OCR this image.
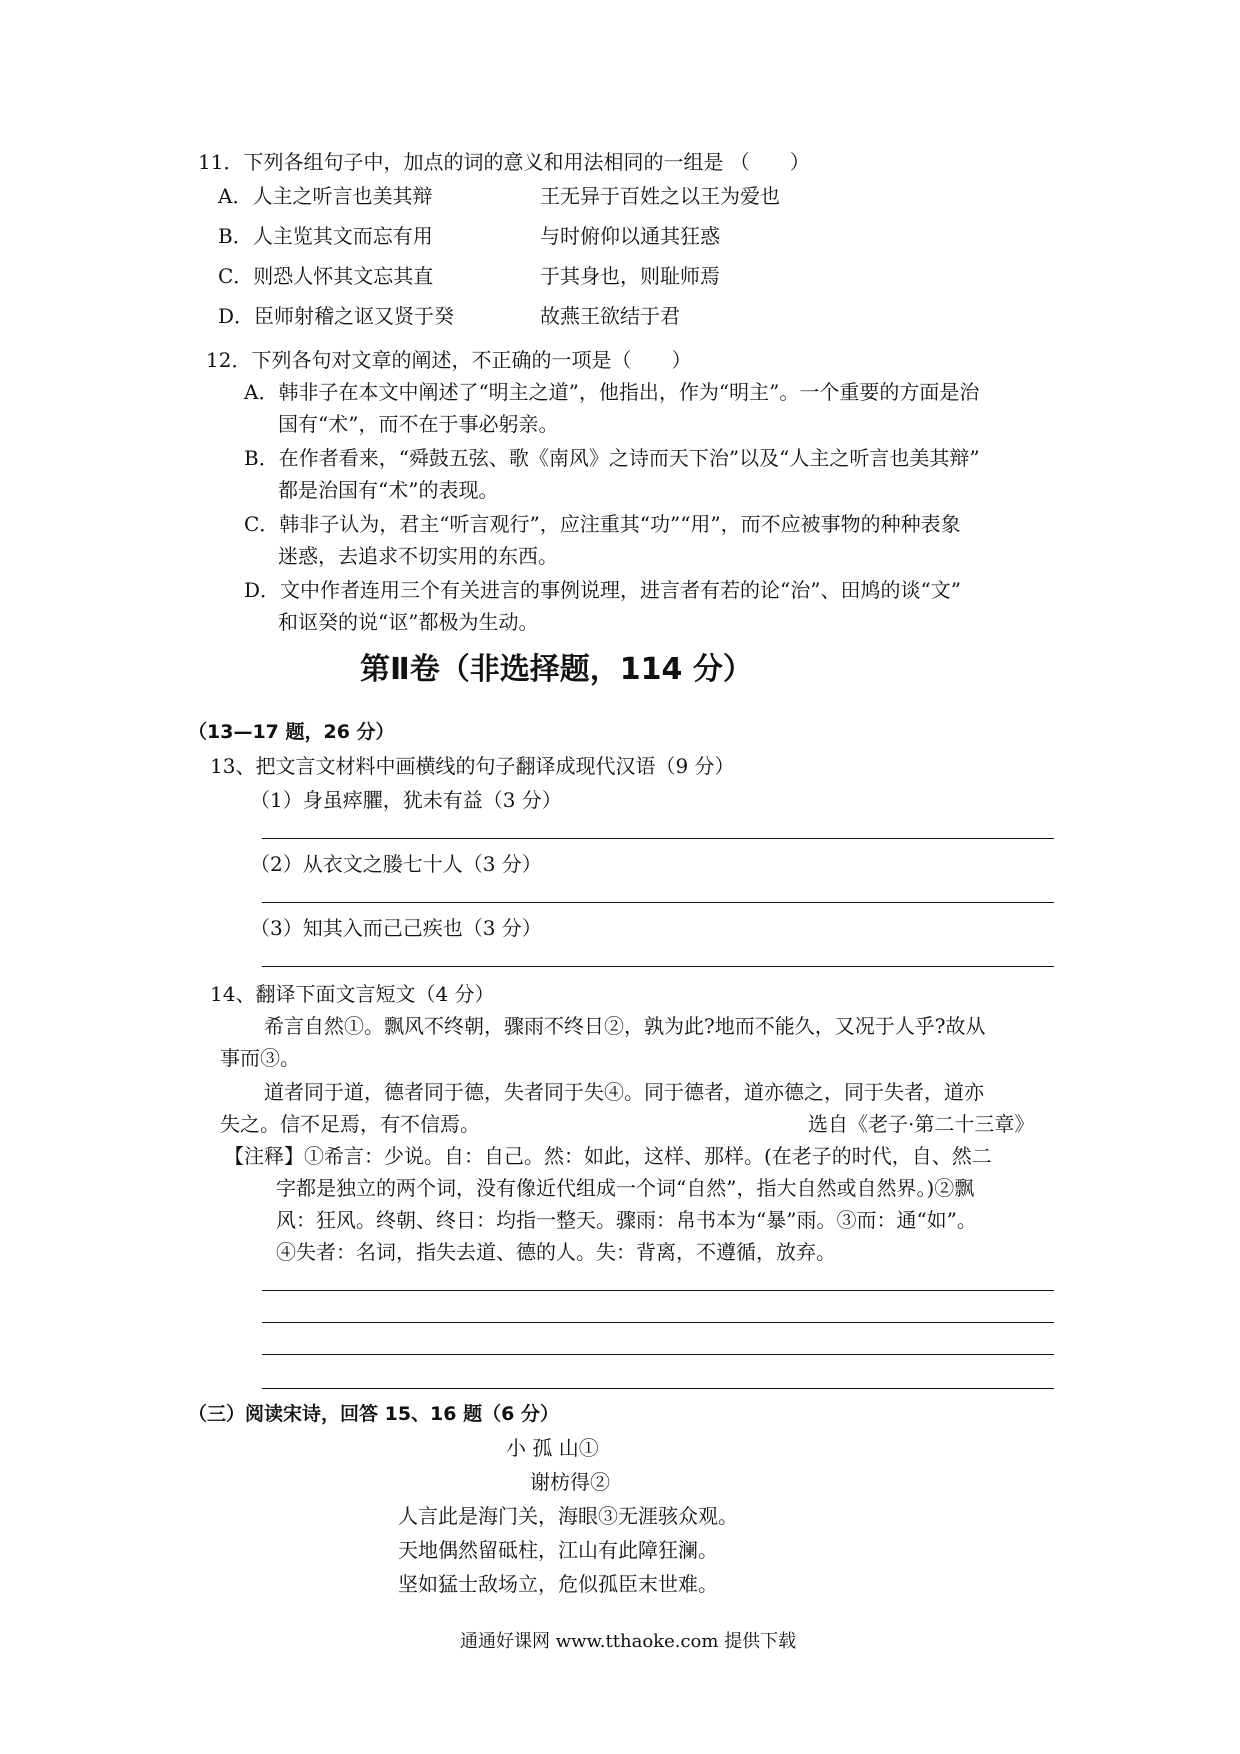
11．下列各组句子中，加点的词的意义和用法相同的一组是 （　　）
A．人主之听言也美其辩	王无异于百姓之以王为爱也
B．人主览其文而忘有用	与时俯仰以通其狂惑
C．则恐人怀其文忘其直	于其身也，则耻师焉
D．臣师射稽之讴又贤于癸	故燕王欲结于君
12．下列各句对文章的阐述，不正确的一项是（　　）
A．韩非子在本文中阐述了“明主之道”，他指出，作为“明主”。一个重要的方面是治
国有“术”，而不在于事必躬亲。
B．在作者看来，“舜鼓五弦、歌《南风》之诗而天下治”以及“人主之听言也美其辩”
都是治国有“术”的表现。
C．韩非子认为，君主“听言观行”，应注重其“功”“用”，而不应被事物的种种表象
迷惑，去追求不切实用的东西。
D．文中作者连用三个有关进言的事例说理，进言者有若的论“治”、田鸠的谈“文”
和讴癸的说“讴”都极为生动。
第Ⅱ卷（非选择题，114 分）
（13—17 题，26 分）
13、把文言文材料中画横线的句子翻译成现代汉语（9 分）
（1）身虽瘁臞，犹未有益（3 分）
（2）从衣文之媵七十人（3 分）
（3）知其入而己己疾也（3 分）
14、翻译下面文言短文（4 分）
希言自然①。飘风不终朝，骤雨不终日②，孰为此?地而不能久，又况于人乎?故从
事而③。
道者同于道，德者同于德，失者同于失④。同于德者，道亦德之，同于失者，道亦
失之。信不足焉，有不信焉。	选自《老子·第二十三章》
【注释】①希言：少说。自：自己。然：如此，这样、那样。(在老子的时代，自、然二
字都是独立的两个词，没有像近代组成一个词“自然”，指大自然或自然界。)②飘
风：狂风。终朝、终日：均指一整天。骤雨：帛书本为“暴”雨。③而：通“如”。
④失者：名词，指失去道、德的人。失：背离，不遵循，放弃。
（三）阅读宋诗，回答 15、16 题（6 分）
小 孤 山①
谢枋得②
人言此是海门关，海眼③无涯骇众观。
天地偶然留砥柱，江山有此障狂澜。
坚如猛士敌场立，危似孤臣末世难。
通通好课网 www.tthaoke.com 提供下载
